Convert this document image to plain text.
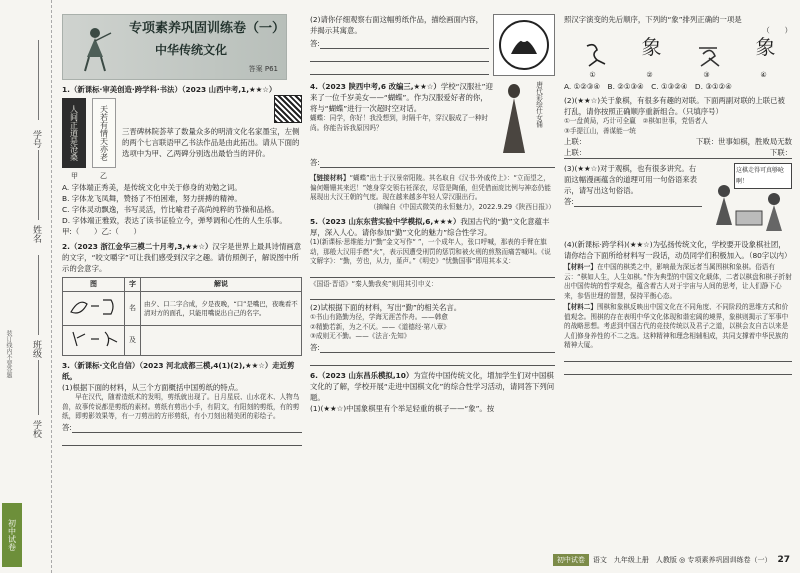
学号
姓名
班级
学校
装订线内不要答题
初中试卷
专项素养巩固训练卷（一）
中华传统文化
答案 P61
1.（新课标·审美创造·跨学科·书法）（2023 山西中考,1,★★☆）
人间正道是沧桑	天若有情天亦老
甲	乙
三晋碑林院荟萃了数量众多的明清文化名家墨宝，左侧的两个七言联语甲乙书法作品是由此拓出。请从下面的选项中为甲、乙两碑分别选出最恰当的评价。
A. 字体端正秀美，是传统文化中关于修身的劝勉之词。
B. 字体龙飞凤舞，赞扬了不怕困难，努力拼搏的精神。
C. 字体灵动飘逸，书写灵活，竹比喻君子高尚纯粹的节操和品格。
D. 字体端正雅致，表达了读书证验立今，弹琴调和心性的人生乐事。
甲:（　　）乙:（　　）
2.（2023 浙江金华三模二十月考,3,★★☆）汉字是世界上最具诗情画意的文字，“咬文嚼字”可让我们感受到汉字之趣。请仿照例子，解说图中所示的会意字。
图	字	解说
	名	由夕、口二字合成，夕是夜晚，“口”是嘴巴，夜晚看不清对方的面孔，只能用嘴说出自己的名字。
	及	
3.（新课标·文化自信）（2023 河北成都三模,4(1)(2),★★☆）走近剪纸。
(1)根据下面的材料，从三个方面概括中国剪纸的特点。
早在汉代，随着造纸术的发明，剪纸就出现了。日月星辰、山水花木、人物鸟兽，故事传说都是剪纸的素材。剪纸有剪出小手，有阴文，有阳刻的剪纸，有的剪纸，即剪影效果等，有一刀剪出的方形剪纸，有小刀刻出精美团的彩绘子。
答:
(2)请你仔细观察右面这幅剪纸作品，描绘画面内容，并揭示其寓意。
答:
4.（2023 陕西中考,6 改编三,★★☆）学校“汉服社”迎来了一位千岁美女——“蝴蝶”。作为汉服爱好者的你，将与“蝴蝶”进行一次超时空对话。
蝴蝶：同学，你好！我没想到，时隔千年，穿汉服成了一种时尚。你能告诉我原因吗？
唐代彩绘仕女俑
答:
【链接材料】“蝴蝶”出土于汉景帝阳陵。其名取自《汉书·外戚传上》：“立而望之，偏何姗姗其来迟！”她身穿交领右衽深衣，尽管是陶俑，但凭借面庞比例与神态仍能展现出大汉王朝的气度。现在越来越多年轻人穿汉服出行。
（摘编自《中国式微笑的永恒魅力》，2022.9.29《陕西日报》）
5.（2023 山东东营实验中学模拟,6,★★★）我国古代的“勤”文化意蕴丰厚，深入人心。请你参加“勤”文化的魅力”综合性学习。
(1)(新课标·思维能力)“勤”金文写作“ ”，一个成年人，张口呼喊，那表的手臂在旗动，那般大汉用手燃“火”，表示因遭受刑罚的惩罚和被火刑的煎熬而痛苦喊叫。《说文解字》：“勤，劳也，从力，堇声。”《明史》“忧勤国事”即用其本义：
《国语·晋语》“秦人勤我矣”则用其引申义：
(2)试根据下面的材料，写出“勤”的相关名言。
①书山有路勤为径，学海无涯苦作舟。——韩愈
②精勤若新，为之不厌。——《道德经·第八章》
③成则无不勤。——《法言·先知》
答:
6.（2023 山东昌乐模拟,10）为宣传中国传统文化，增加学生们对中国棋文化的了解，学校开展“走进中国棋文化”的综合性学习活动，请同答下列问题。
(1)(★★☆)中国象棋里有个举足轻重的棋子——“象”。按
照汉字演变的先后顺序，下列的“象”排列正确的一项是
（　　）
象	象
①	②	③	④
A. ①②③④　B. ②①③④　C. ①③②④　D. ③①②④
(2)(★★☆)关于象棋，有很多有趣的对联。下面两副对联的上联已被打乱，请你按照正确顺序重新组合。（只填序号）
①一盘黄局，巧计可全赢　②棋如世事，党悟者人
③手提江山，善谋能一统
上联：	下联：世事如棋，胜败局无数
上联：	下联：
(3)(★★☆)对于观棋，也有很多讲究。右面这幅漫画蕴含的道理可用一句俗语来表示，请写出这句俗语。
答:
这棋走得可真够呛啊！
(4)(新课标·跨学科)(★★☆)为弘扬传统文化，学校要开设象棋社团，请你结合下面所给材料写一段话，动员同学们积极加入。（80字以内）
【材料一】在中国的棋类之中，影响最为深远者当属围棋和象棋。俗语有云：“棋如人生，人生如棋。”作为典型的中国文化载体，二者以棋盘和棋子折射出中国传统的哲学观念，蕴含着古人对于宇宙与人间的思考，让人们静下心来，参悟世理的智慧，保持平衡心态。
【材料二】围棋和象棋反映出中国文化在不同角度、不同阶段的思维方式和价值观念。围棋的存在表明中华文化体现和谐宏阔的境界，象棋则揭示了军事中的战略思想。考虑到中国古代的竞技传统以及君子之道，以棋会友自古以来是人们修身养性的不二之选。这种精神和理念相辅相成，共同支撑着中华民族的精神大厦。
初中试卷	语文　九年级上册　人教版 ◎ 专项素养巩固训练卷（一） 27
